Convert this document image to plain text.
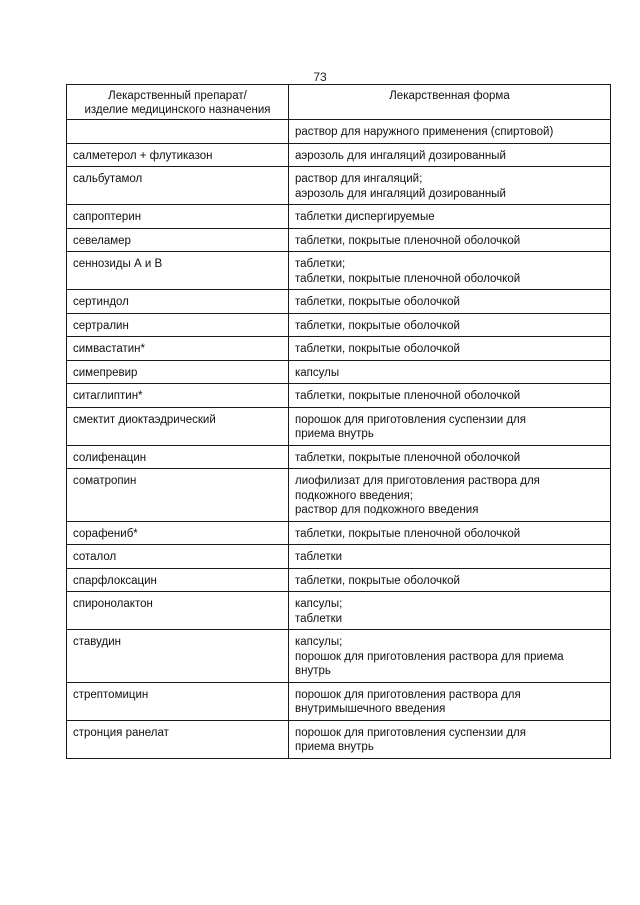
73
Лекарственный препарат/
изделие медицинского назначения	Лекарственная форма

	раствор для наружного применения (спиртовой)

салметерол + флутиказон	аэрозоль для ингаляций дозированный

сальбутамол	раствор для ингаляций;
аэрозоль для ингаляций дозированный

сапроптерин	таблетки диспергируемые

севеламер	таблетки, покрытые пленочной оболочкой

сеннозиды А и В	таблетки;
таблетки, покрытые пленочной оболочкой

сертиндол	таблетки, покрытые оболочкой

сертралин	таблетки, покрытые оболочкой

симвастатин*	таблетки, покрытые оболочкой

симепревир	капсулы

ситаглиптин*	таблетки, покрытые пленочной оболочкой

смектит диоктаэдрический	порошок для приготовления суспензии для
приема внутрь

солифенацин	таблетки, покрытые пленочной оболочкой

соматропин	лиофилизат для приготовления раствора для
подкожного введения;
раствор для подкожного введения

сорафениб*	таблетки, покрытые пленочной оболочкой

соталол	таблетки

спарфлоксацин	таблетки, покрытые оболочкой

спиронолактон	капсулы;
таблетки

ставудин	капсулы;
порошок для приготовления раствора для приема
внутрь

стрептомицин	порошок для приготовления раствора для
внутримышечного введения

стронция ранелат	порошок для приготовления суспензии для
приема внутрь
